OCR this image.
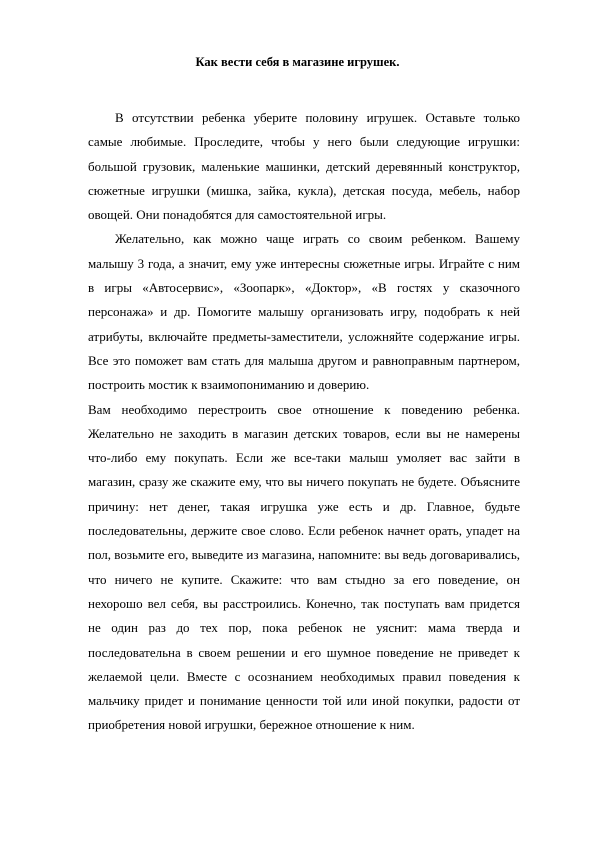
Как вести себя в магазине игрушек.

В отсутствии ребенка уберите половину игрушек. Оставьте только самые любимые. Проследите, чтобы у него были следующие игрушки: большой грузовик, маленькие машинки, детский деревянный конструктор, сюжетные игрушки (мишка, зайка, кукла), детская посуда, мебель, набор овощей. Они понадобятся для самостоятельной игры.

Желательно, как можно чаще играть со своим ребенком. Вашему малышу 3 года, а значит, ему уже интересны сюжетные игры. Играйте с ним в игры «Автосервис», «Зоопарк», «Доктор», «В гостях у сказочного персонажа» и др. Помогите малышу организовать игру, подобрать к ней атрибуты, включайте предметы-заместители, усложняйте содержание игры. Все это поможет вам стать для малыша другом и равноправным партнером, построить мостик к взаимопониманию и доверию.

Вам необходимо перестроить свое отношение к поведению ребенка. Желательно не заходить в магазин детских товаров, если вы не намерены что-либо ему покупать. Если же все-таки малыш умоляет вас зайти в магазин, сразу же скажите ему, что вы ничего покупать не будете. Объясните причину: нет денег, такая игрушка уже есть и др. Главное, будьте последовательны, держите свое слово. Если ребенок начнет орать, упадет на пол, возьмите его, выведите из магазина, напомните: вы ведь договаривались, что ничего не купите. Скажите: что вам стыдно за его поведение, он нехорошо вел себя, вы расстроились. Конечно, так поступать вам придется не один раз до тех пор, пока ребенок не уяснит: мама тверда и последовательна в своем решении и его шумное поведение не приведет к желаемой цели. Вместе с осознанием необходимых правил поведения к мальчику придет и понимание ценности той или иной покупки, радости от приобретения новой игрушки, бережное отношение к ним.
